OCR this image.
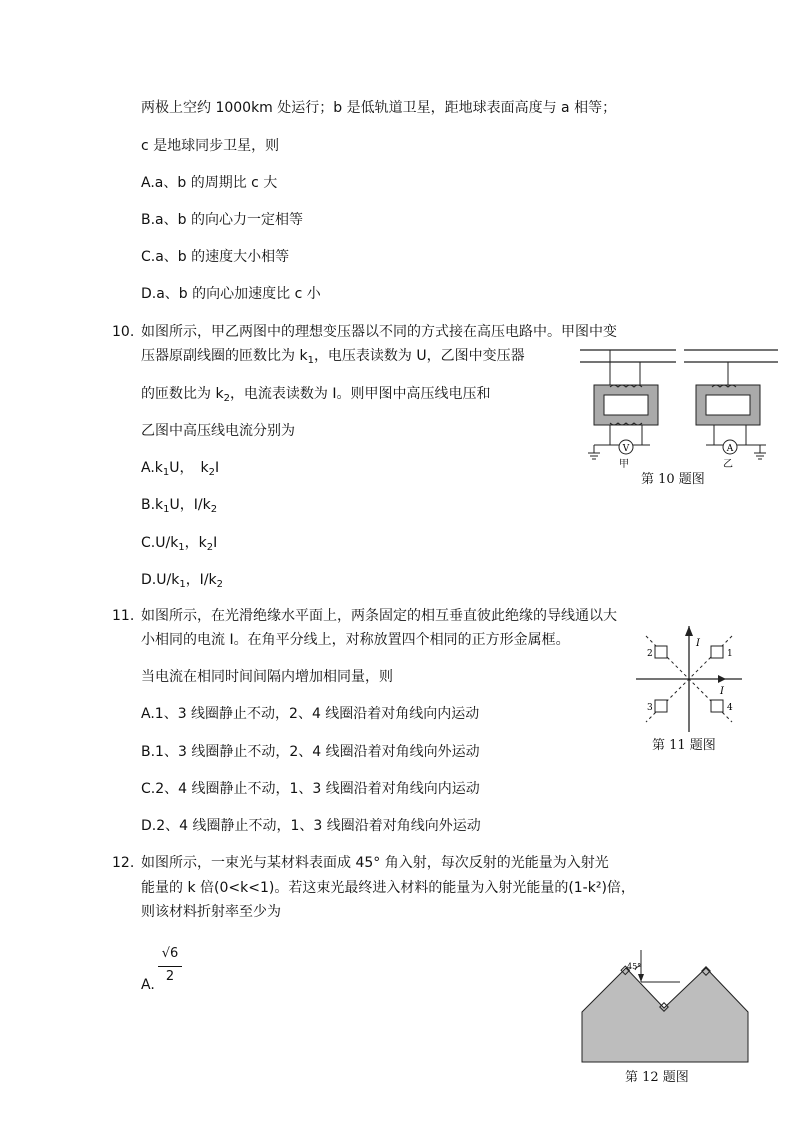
两极上空约 1000km 处运行；b 是低轨道卫星，距地球表面高度与 a 相等；
c 是地球同步卫星，则
A.a、b 的周期比 c 大
B.a、b 的向心力一定相等
C.a、b 的速度大小相等
D.a、b 的向心加速度比 c 小
10. 如图所示，甲乙两图中的理想变压器以不同的方式接在高压电路中。甲图中变
压器原副线圈的匝数比为 $k_1$，电压表读数为 U，乙图中变压器
的匝数比为 $k_2$，电流表读数为 I。则甲图中高压线电压和
乙图中高压线电流分别为
$A.k_1U$，　$k_2I$
$B.k_1U$，$I/k_2$
$C.U/k_1$，$k_2I$
$D.U/k_1$，$I/k_2$
V
甲
A
乙
第 10 题图
11. 如图所示，在光滑绝缘水平面上，两条固定的相互垂直彼此绝缘的导线通以大
小相同的电流 I。在角平分线上，对称放置四个相同的正方形金属框。
当电流在相同时间间隔内增加相同量，则
A.1、3 线圈静止不动，2、4 线圈沿着对角线向内运动
B.1、3 线圈静止不动，2、4 线圈沿着对角线向外运动
C.2、4 线圈静止不动，1、3 线圈沿着对角线向内运动
D.2、4 线圈静止不动，1、3 线圈沿着对角线向外运动
1
2
3	4
I
I
第 11 题图
12. 如图所示，一束光与某材料表面成 45° 角入射，每次反射的光能量为入射光
能量的 k 倍(0<k<1)。若这束光最终进入材料的能量为入射光能量的(1-k²)倍，
则该材料折射率至少为
A.
√6
2
45°
第 12 题图
